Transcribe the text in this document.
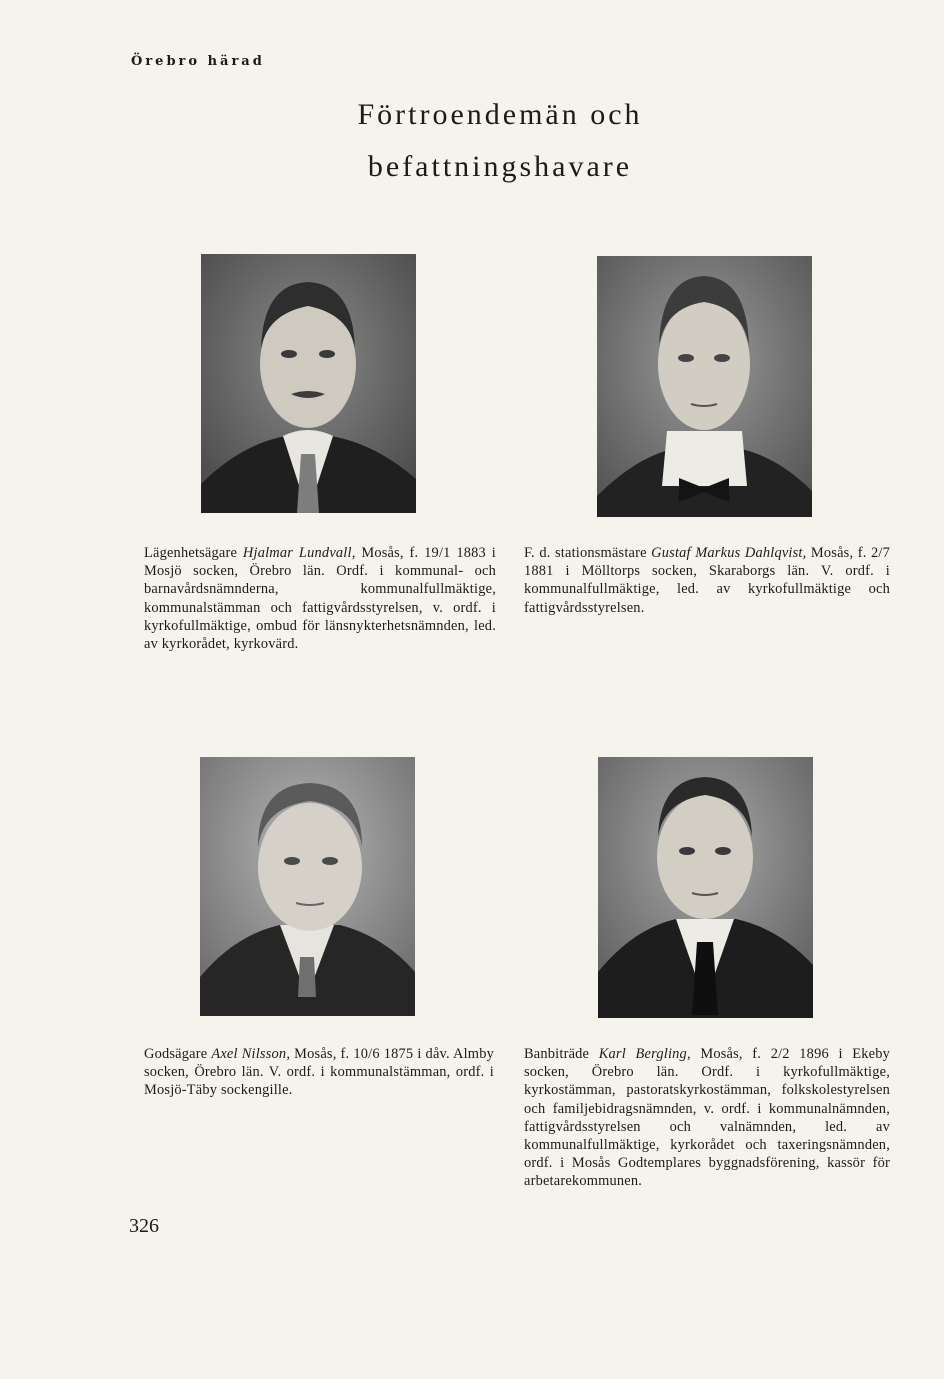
Örebro härad
Förtroendemän och
befattningshavare

Lägenhetsägare Hjalmar Lundvall, Mosås, f. 19/1 1883 i Mosjö socken, Örebro län. Ordf. i kommunal- och barnavårdsnämnderna, kommunalfullmäktige, kommunalstämman och fattigvårdsstyrelsen, v. ordf. i kyrkofullmäktige, ombud för länsnykterhetsnämnden, led. av kyrkorådet, kyrkovärd.

F. d. stationsmästare Gustaf Markus Dahlqvist, Mosås, f. 2/7 1881 i Mölltorps socken, Skaraborgs län. V. ordf. i kommunalfullmäktige, led. av kyrkofullmäktige och fattigvårdsstyrelsen.

Godsägare Axel Nilsson, Mosås, f. 10/6 1875 i dåv. Almby socken, Örebro län. V. ordf. i kommunalstämman, ordf. i Mosjö-Täby sockengille.

Banbiträde Karl Bergling, Mosås, f. 2/2 1896 i Ekeby socken, Örebro län. Ordf. i kyrkofullmäktige, kyrkostämman, pastoratskyrkostämman, folkskolestyrelsen och familjebidragsnämnden, v. ordf. i kommunalnämnden, fattigvårdsstyrelsen och valnämnden, led. av kommunalfullmäktige, kyrkorådet och taxeringsnämnden, ordf. i Mosås Godtemplares byggnadsförening, kassör för arbetarekommunen.

326
